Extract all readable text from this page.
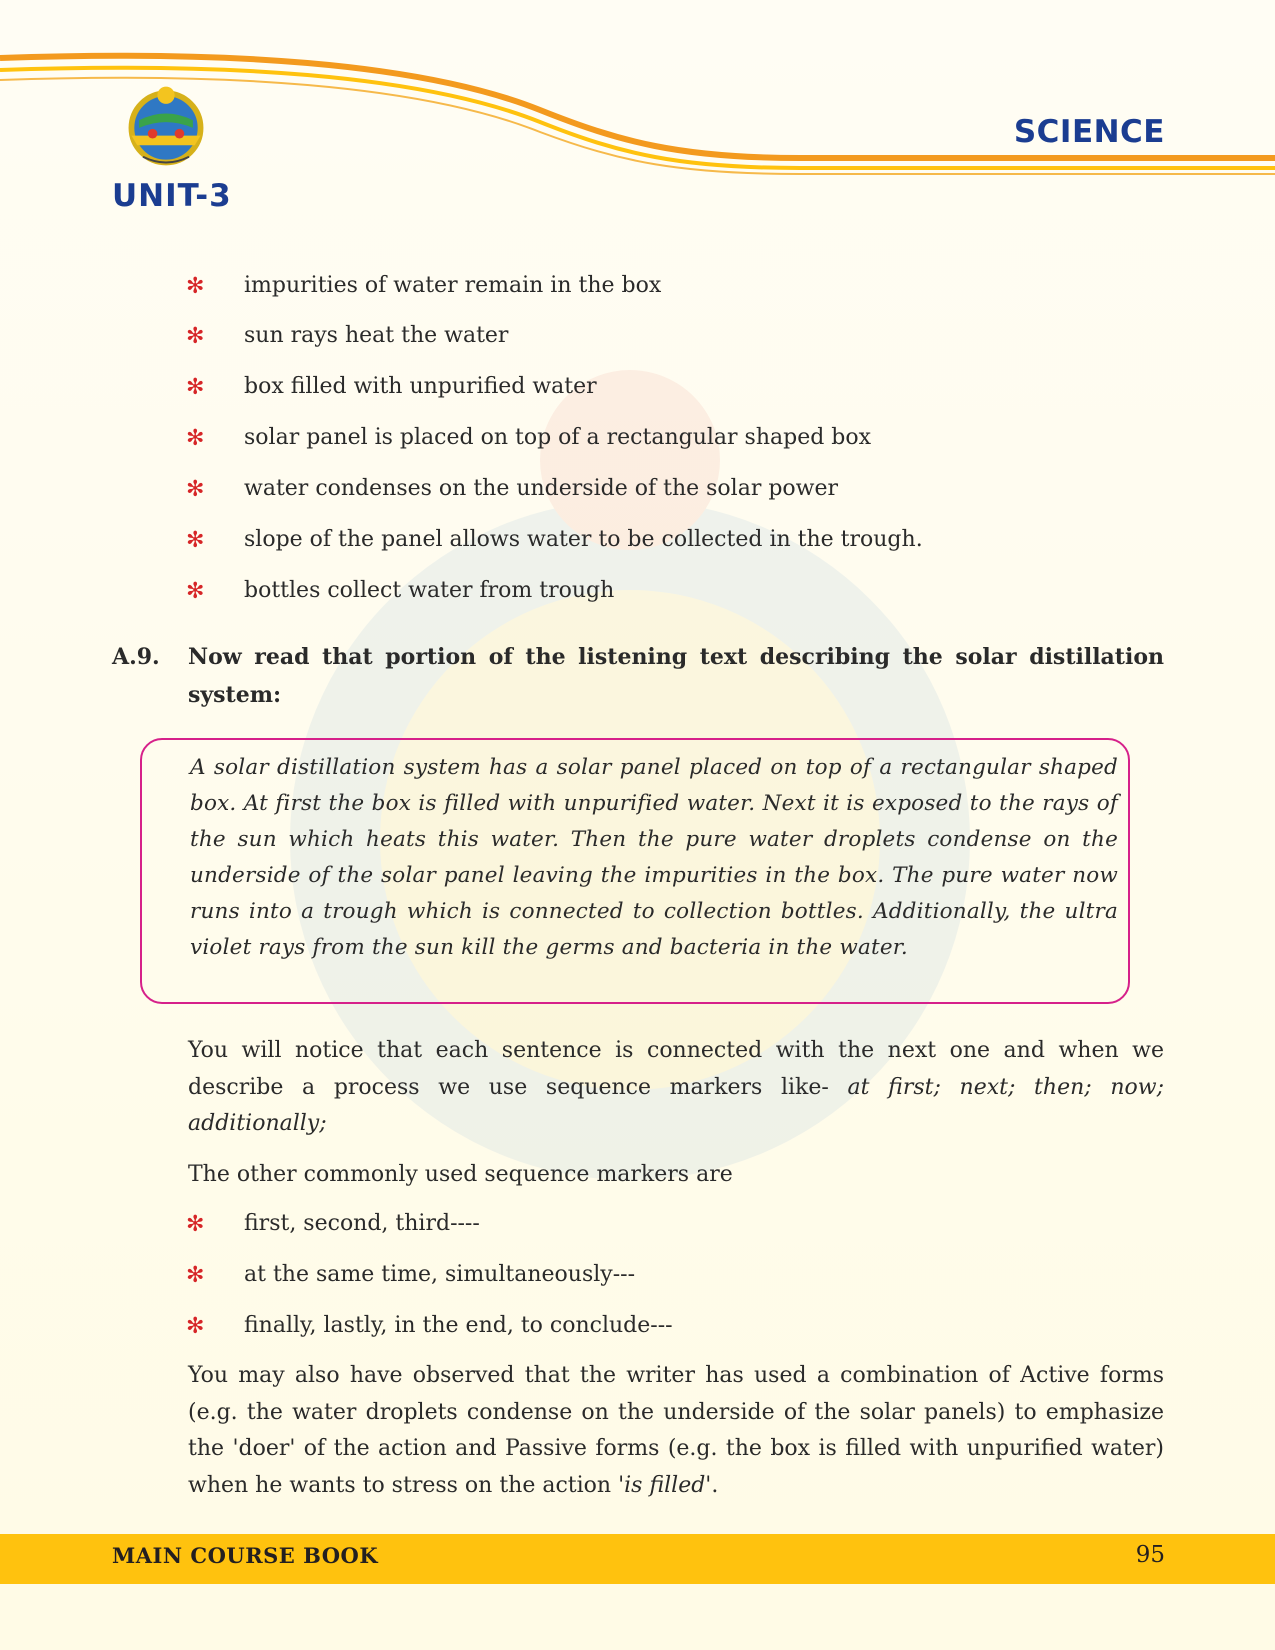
UNIT-3
SCIENCE
✻ impurities of water remain in the box
✻ sun rays heat the water
✻ box filled with unpurified water
✻ solar panel is placed on top of a rectangular shaped box
✻ water condenses on the underside of the solar power
✻ slope of the panel allows water to be collected in the trough.
✻ bottles collect water from trough
A.9. Now read that portion of the listening text describing the solar distillation system:

A solar distillation system has a solar panel placed on top of a rectangular shaped box. At first the box is filled with unpurified water. Next it is exposed to the rays of the sun which heats this water. Then the pure water droplets condense on the underside of the solar panel leaving the impurities in the box. The pure water now runs into a trough which is connected to collection bottles. Additionally, the ultra violet rays from the sun kill the germs and bacteria in the water.

You will notice that each sentence is connected with the next one and when we describe a process we use sequence markers like- at first; next; then; now; additionally;

The other commonly used sequence markers are

✻ first, second, third----
✻ at the same time, simultaneously---
✻ finally, lastly, in the end, to conclude---

You may also have observed that the writer has used a combination of Active forms (e.g. the water droplets condense on the underside of the solar panels) to emphasize the 'doer' of the action and Passive forms (e.g. the box is filled with unpurified water) when he wants to stress on the action 'is filled'.

MAIN COURSE BOOK	95
